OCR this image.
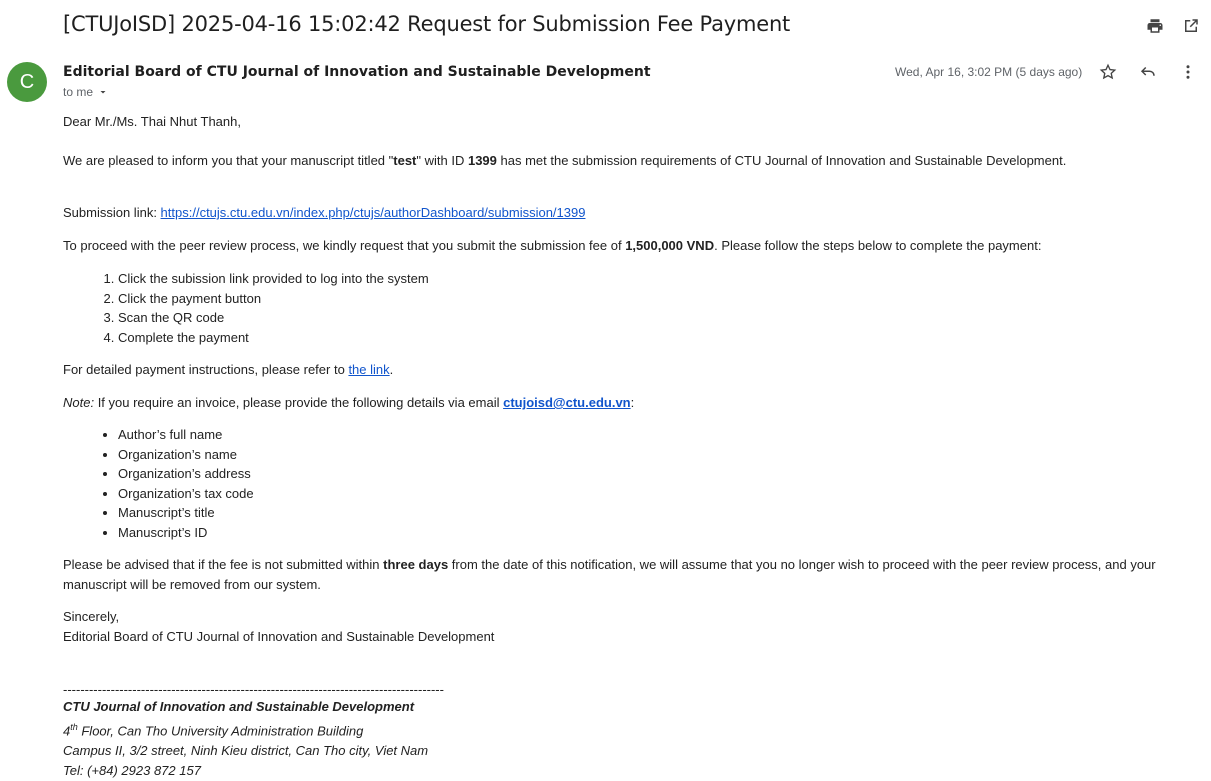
[CTUJoISD] 2025-04-16 15:02:42 Request for Submission Fee Payment
C	Editorial Board of CTU Journal of Innovation and Sustainable Development
to me
Wed, Apr 16, 3:02 PM (5 days ago)

Dear Mr./Ms. Thai Nhut Thanh,

We are pleased to inform you that your manuscript titled "test" with ID 1399 has met the submission requirements of CTU Journal of Innovation and Sustainable Development.

Submission link: https://ctujs.ctu.edu.vn/index.php/ctujs/authorDashboard/submission/1399

To proceed with the peer review process, we kindly request that you submit the submission fee of 1,500,000 VND. Please follow the steps below to complete the payment:

1. Click the subission link provided to log into the system
2. Click the payment button
3. Scan the QR code
4. Complete the payment

For detailed payment instructions, please refer to the link.

Note: If you require an invoice, please provide the following details via email ctujoisd@ctu.edu.vn:

• Author’s full name
• Organization’s name
• Organization’s address
• Organization’s tax code
• Manuscript’s title
• Manuscript’s ID

Please be advised that if the fee is not submitted within three days from the date of this notification, we will assume that you no longer wish to proceed with the peer review process, and your manuscript will be removed from our system.

Sincerely,

Editorial Board of CTU Journal of Innovation and Sustainable Development

----------------------------------------------------------------------------------------

CTU Journal of Innovation and Sustainable Development

4th Floor, Can Tho University Administration Building

Campus II, 3/2 street, Ninh Kieu district, Can Tho city, Viet Nam

Tel: (+84) 2923 872 157
